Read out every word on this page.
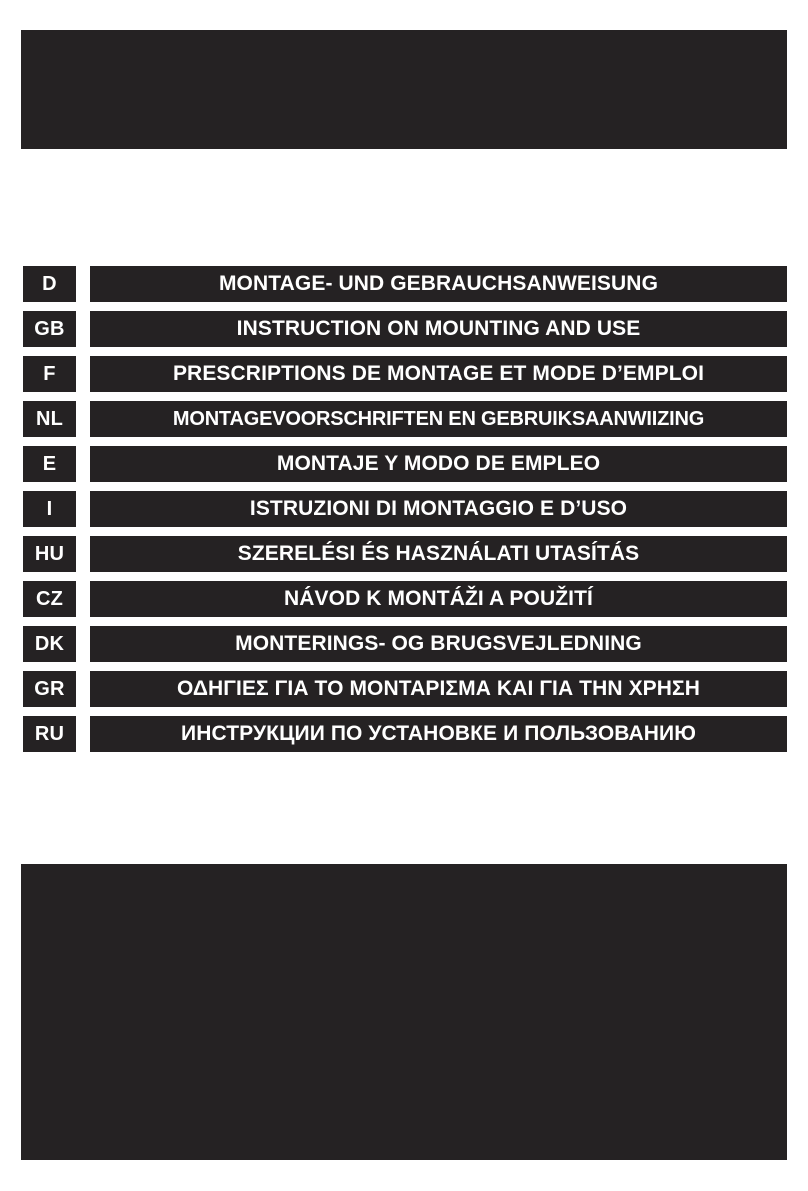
D	MONTAGE- UND GEBRAUCHSANWEISUNG
GB	INSTRUCTION ON MOUNTING AND USE
F	PRESCRIPTIONS DE MONTAGE ET MODE D’EMPLOI
NL	MONTAGEVOORSCHRIFTEN EN GEBRUIKSAANWIIZING
E	MONTAJE Y MODO DE EMPLEO
I	ISTRUZIONI DI MONTAGGIO E D’USO
HU	SZERELÉSI ÉS HASZNÁLATI UTASÍTÁS
CZ	NÁVOD K MONTÁŽI A POUŽITÍ
DK	MONTERINGS- OG BRUGSVEJLEDNING
GR	ΟΔΗΓΙΕΣ ΓΙΑ ΤΟ ΜΟΝΤΑΡΙΣΜΑ ΚΑΙ ΓΙΑ ΤΗΝ ΧΡΗΣΗ
RU	ИНСТРУКЦИИ ПО УСТАНОВКЕ И ПОЛЬЗОВАНИЮ
